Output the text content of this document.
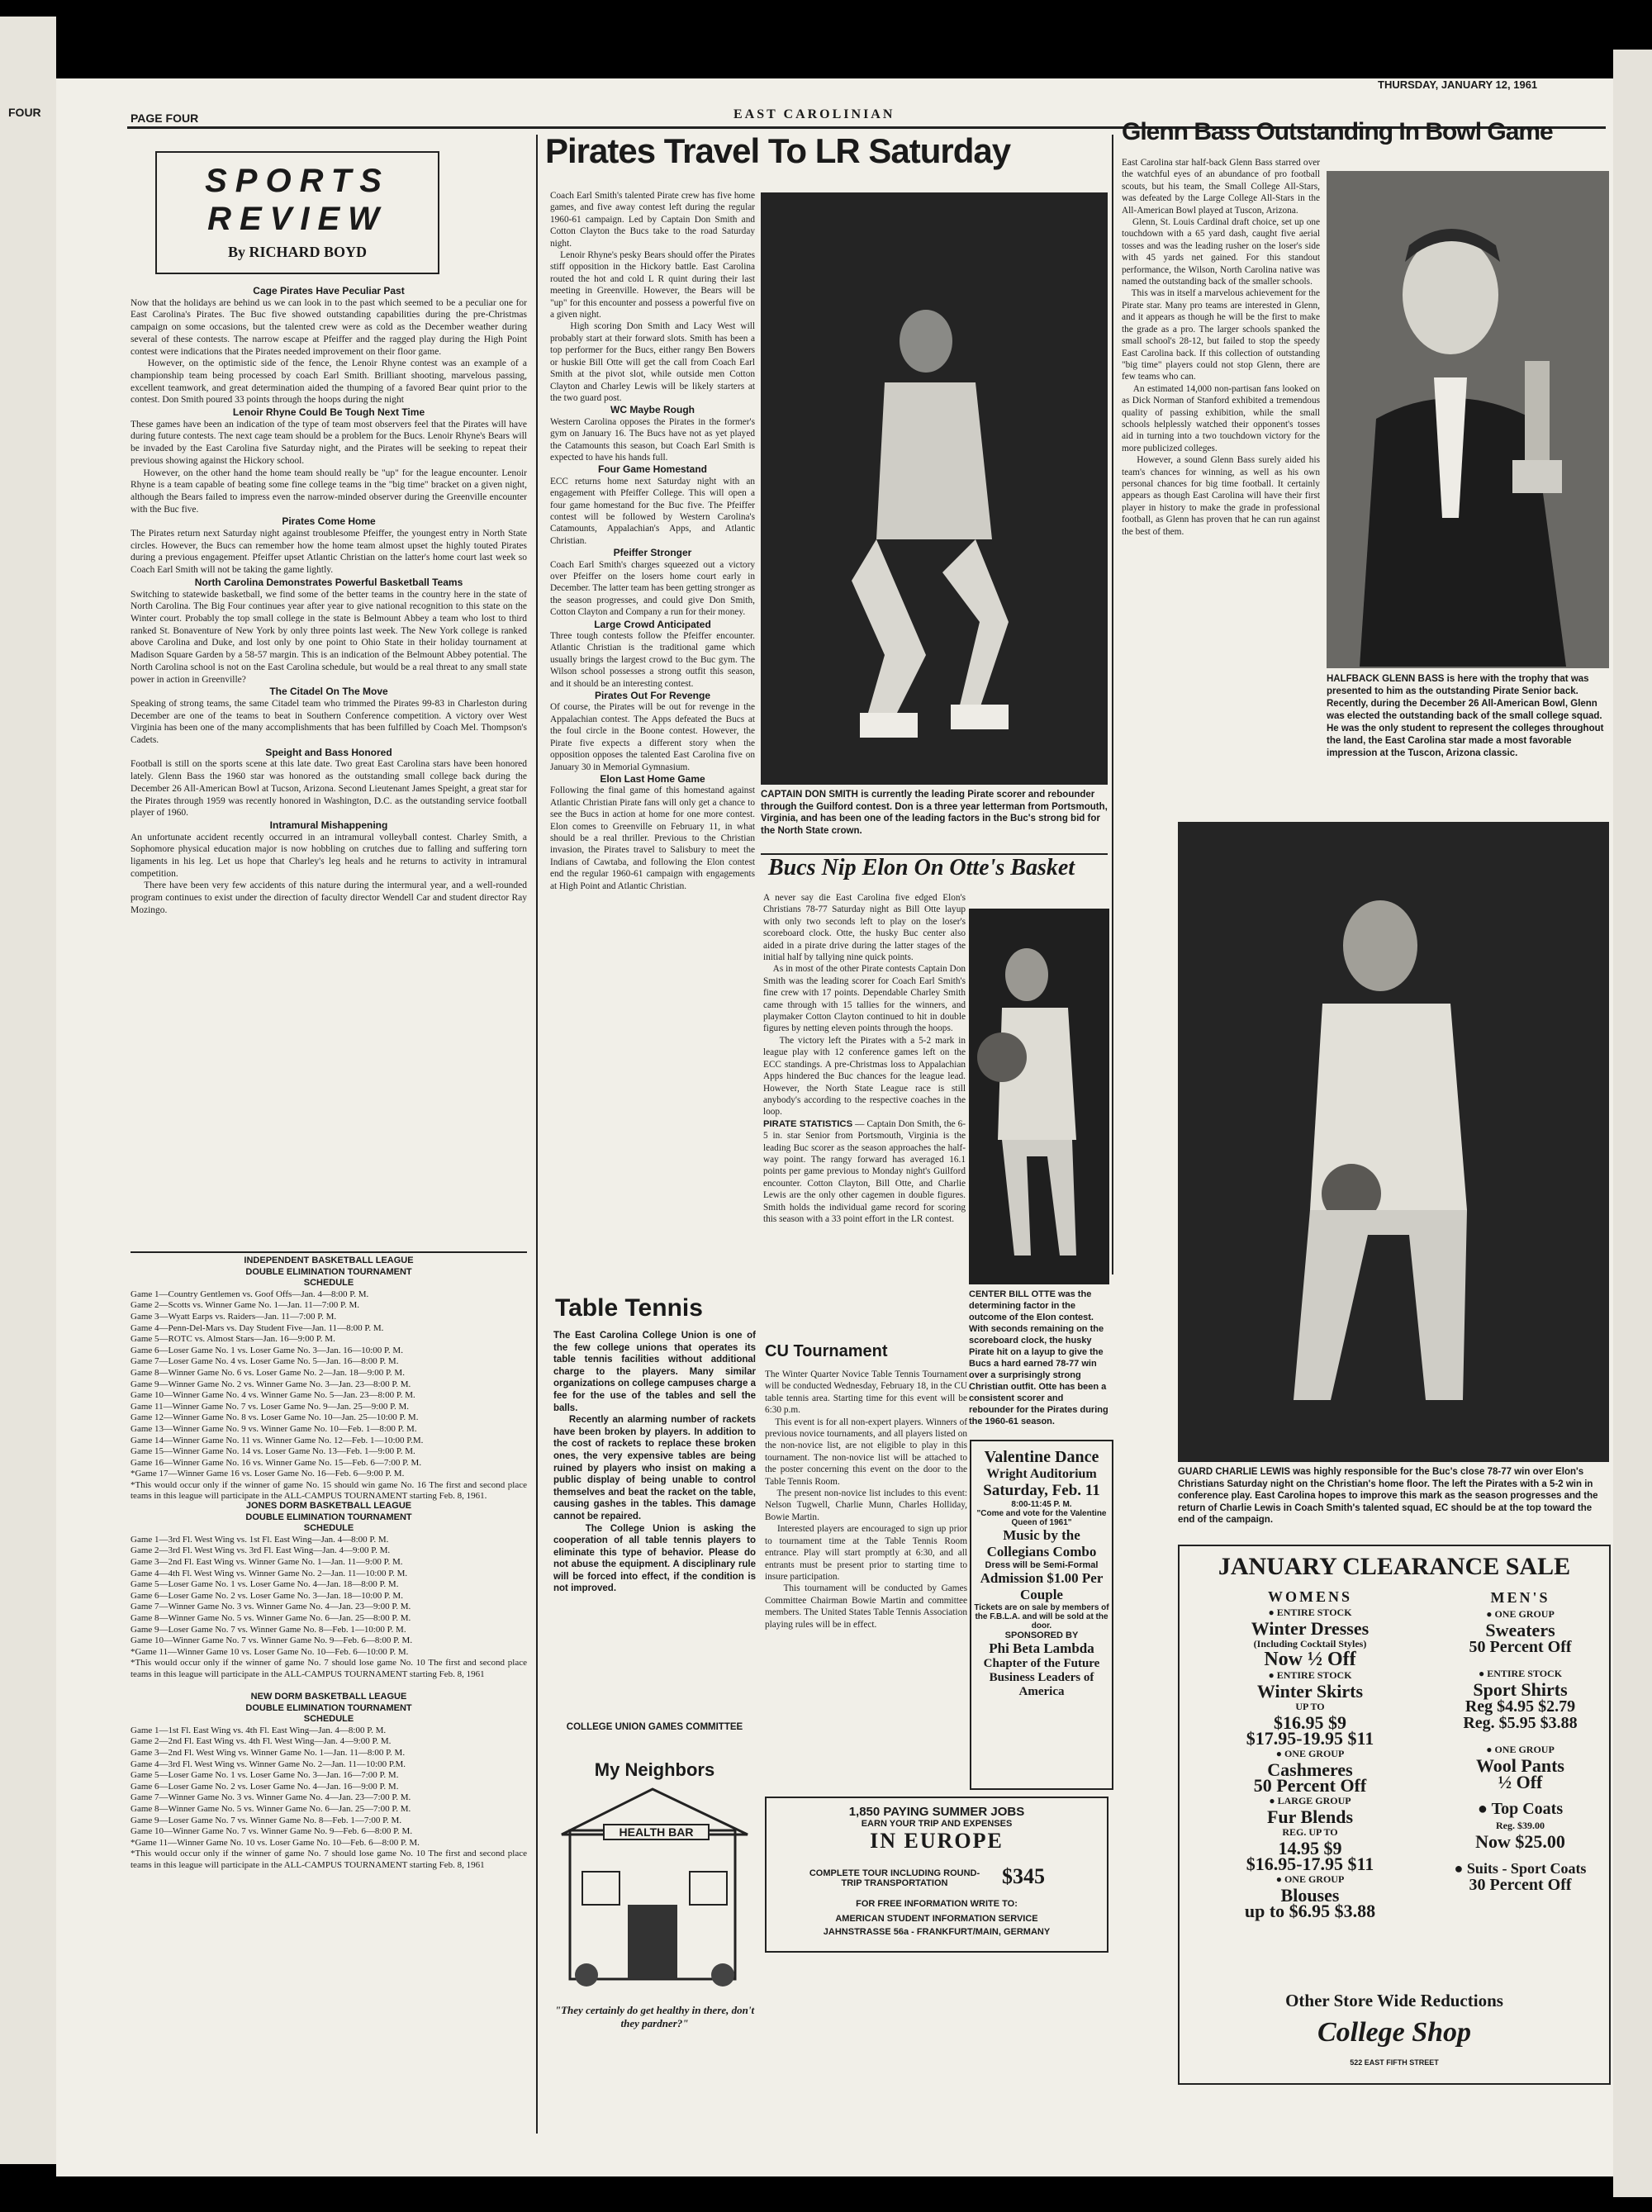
FOUR	PAGE FOUR	EAST CAROLINIAN
THURSDAY, JANUARY 12, 1961
SPORTS
REVIEW
By RICHARD BOYD
Cage Pirates Have Peculiar Past
Now that the holidays are behind us we can look in to the past which seemed to be a peculiar one for East Carolina's Pirates. The Buc five showed outstanding capabilities during the pre-Christmas campaign on some occasions, but the talented crew were as cold as the December weather during several of these contests. The narrow escape at Pfeiffer and the ragged play during the High Point contest were indications that the Pirates needed improvement on their floor game.
However, on the optimistic side of the fence, the Lenoir Rhyne contest was an example of a championship team being processed by coach Earl Smith. Brilliant shooting, marvelous passing, excellent teamwork, and great determination aided the thumping of a favored Bear quint prior to the contest. Don Smith poured 33 points through the hoops during the night

Lenoir Rhyne Could Be Tough Next Time
These games have been an indication of the type of team most observers feel that the Pirates will have during future contests. The next cage team should be a problem for the Bucs. Lenoir Rhyne's Bears will be invaded by the East Carolina five Saturday night, and the Pirates will be seeking to repeat their previous showing against the Hickory school.
However, on the other hand the home team should really be "up" for the league encounter. Lenoir Rhyne is a team capable of beating some fine college teams in the "big time" bracket on a given night, although the Bears failed to impress even the narrow-minded observer during the Greenville encounter with the Buc five.

Pirates Come Home
The Pirates return next Saturday night against troublesome Pfeiffer, the youngest entry in North State circles. However, the Bucs can remember how the home team almost upset the highly touted Pirates during a previous engagement. Pfeiffer upset Atlantic Christian on the latter's home court last week so Coach Earl Smith will not be taking the game lightly.

North Carolina Demonstrates Powerful Basketball Teams
Switching to statewide basketball, we find some of the better teams in the country here in the state of North Carolina. The Big Four continues year after year to give national recognition to this state on the Winter court. Probably the top small college in the state is Belmount Abbey a team who lost to third ranked St. Bonaventure of New York by only three points last week. The New York college is ranked above Carolina and Duke, and lost only by one point to Ohio State in their holiday tournament at Madison Square Garden by a 58-57 margin. This is an indication of the Belmount Abbey potential. The North Carolina school is not on the East Carolina schedule, but would be a real threat to any small state power in action in Greenville?

The Citadel On The Move
Speaking of strong teams, the same Citadel team who trimmed the Pirates 99-83 in Charleston during December are one of the teams to beat in Southern Conference competition. A victory over West Virginia has been one of the many accomplishments that has been fulfilled by Coach Mel. Thompson's Cadets.

Speight and Bass Honored
Football is still on the sports scene at this late date. Two great East Carolina stars have been honored lately. Glenn Bass the 1960 star was honored as the outstanding small college back during the December 26 All-American Bowl at Tucson, Arizona. Second Lieutenant James Speight, a great star for the Pirates through 1959 was recently honored in Washington, D.C. as the outstanding service football player of 1960.

Intramural Mishappening
An unfortunate accident recently occurred in an intramural volleyball contest. Charley Smith, a Sophomore physical education major is now hobbling on crutches due to falling and suffering torn ligaments in his leg. Let us hope that Charley's leg heals and he returns to activity in intramural competition.
There have been very few accidents of this nature during the intermural year, and a well-rounded program continues to exist under the direction of faculty director Wendell Car and student director Ray Mozingo.
INDEPENDENT BASKETBALL LEAGUE
DOUBLE ELIMINATION TOURNAMENT
SCHEDULE
Game 1—Country Gentlemen vs. Goof Offs—Jan. 4—8:00 P. M.
Game 2—Scotts vs. Winner Game No. 1—Jan. 11—7:00 P. M.
Game 3—Wyatt Earps vs. Raiders—Jan. 11—7:00 P. M.
Game 4—Penn-Del-Mars vs. Day Student Five—Jan. 11—8:00 P. M.
Game 5—ROTC vs. Almost Stars—Jan. 16—9:00 P. M.
Game 6—Loser Game No. 1 vs. Loser Game No. 3—Jan. 16—10:00 P. M.
Game 7—Loser Game No. 4 vs. Loser Game No. 5—Jan. 16—8:00 P. M.
Game 8—Winner Game No. 6 vs. Loser Game No. 2—Jan. 18—9:00 P. M.
Game 9—Winner Game No. 2 vs. Winner Game No. 3—Jan. 23—8:00 P. M.
Game 10—Winner Game No. 4 vs. Winner Game No. 5—Jan. 23—8:00 P. M.
Game 11—Winner Game No. 7 vs. Loser Game No. 9—Jan. 25—9:00 P. M.
Game 12—Winner Game No. 8 vs. Loser Game No. 10—Jan. 25—10:00 P. M.
Game 13—Winner Game No. 9 vs. Winner Game No. 10—Feb. 1—8:00 P. M.
Game 14—Winner Game No. 11 vs. Winner Game No. 12—Feb. 1—10:00 P.M.
Game 15—Winner Game No. 14 vs. Loser Game No. 13—Feb. 1—9:00 P. M.
Game 16—Winner Game No. 16 vs. Winner Game No. 15—Feb. 6—7:00 P. M.
*Game 17—Winner Game 16 vs. Loser Game No. 16—Feb. 6—9:00 P. M.
*This would occur only if the winner of game No. 15 should win game No. 16 The first and second place teams in this league will participate in the ALL-CAMPUS TOURNAMENT starting Feb. 8, 1961.
JONES DORM BASKETBALL LEAGUE
DOUBLE ELIMINATION TOURNAMENT
SCHEDULE
Game 1—3rd Fl. West Wing vs. 1st Fl. East Wing—Jan. 4—8:00 P. M.
Game 2—3rd Fl. West Wing vs. 3rd Fl. East Wing—Jan. 4—9:00 P. M.
Game 3—2nd Fl. East Wing vs. Winner Game No. 1—Jan. 11—9:00 P. M.
Game 4—4th Fl. West Wing vs. Winner Game No. 2—Jan. 11—10:00 P. M.
Game 5—Loser Game No. 1 vs. Loser Game No. 4—Jan. 18—8:00 P. M.
Game 6—Loser Game No. 2 vs. Loser Game No. 3—Jan. 18—10:00 P. M.
Game 7—Winner Game No. 3 vs. Winner Game No. 4—Jan. 23—9:00 P. M.
Game 8—Winner Game No. 5 vs. Winner Game No. 6—Jan. 25—8:00 P. M.
Game 9—Loser Game No. 7 vs. Winner Game No. 8—Feb. 1—10:00 P. M.
Game 10—Winner Game No. 7 vs. Winner Game No. 9—Feb. 6—8:00 P. M.
*Game 11—Winner Game 10 vs. Loser Game No. 10—Feb. 6—10:00 P. M.
*This would occur only if the winner of game No. 7 should lose game No. 10 The first and second place teams in this league will participate in the ALL-CAMPUS TOURNAMENT starting Feb. 8, 1961
NEW DORM BASKETBALL LEAGUE
DOUBLE ELIMINATION TOURNAMENT
SCHEDULE
Game 1—1st Fl. East Wing vs. 4th Fl. East Wing—Jan. 4—8:00 P. M.
Game 2—2nd Fl. East Wing vs. 4th Fl. West Wing—Jan. 4—9:00 P. M.
Game 3—2nd Fl. West Wing vs. Winner Game No. 1—Jan. 11—8:00 P. M.
Game 4—3rd Fl. West Wing vs. Winner Game No. 2—Jan. 11—10:00 P.M.
Game 5—Loser Game No. 1 vs. Loser Game No. 3—Jan. 16—7:00 P. M.
Game 6—Loser Game No. 2 vs. Loser Game No. 4—Jan. 16—9:00 P. M.
Game 7—Winner Game No. 3 vs. Winner Game No. 4—Jan. 23—7:00 P. M.
Game 8—Winner Game No. 5 vs. Winner Game No. 6—Jan. 25—7:00 P. M.
Game 9—Loser Game No. 7 vs. Winner Game No. 8—Feb. 1—7:00 P. M.
Game 10—Winner Game No. 7 vs. Winner Game No. 9—Feb. 6—8:00 P. M.
*Game 11—Winner Game No. 10 vs. Loser Game No. 10—Feb. 6—8:00 P. M.
*This would occur only if the winner of game No. 7 should lose game No. 10 The first and second place teams in this league will participate in the ALL-CAMPUS TOURNAMENT starting Feb. 8, 1961
Pirates Travel To LR Saturday
Coach Earl Smith's talented Pirate crew has five home games, and five away contest left during the regular 1960-61 campaign. Led by Captain Don Smith and Cotton Clayton the Bucs take to the road Saturday night.
Lenoir Rhyne's pesky Bears should offer the Pirates stiff opposition in the Hickory battle. East Carolina routed the hot and cold L R quint during their last meeting in Greenville. However, the Bears will be "up" for this encounter and possess a powerful five on a given night.
High scoring Don Smith and Lacy West will probably start at their forward slots. Smith has been a top performer for the Bucs, either rangy Ben Bowers or huskie Bill Otte will get the call from Coach Earl Smith at the pivot slot, while outside men Cotton Clayton and Charley Lewis will be likely starters at the two guard post.

WC Maybe Rough
Western Carolina opposes the Pirates in the former's gym on January 16. The Bucs have not as yet played the Catamounts this season, but Coach Earl Smith is expected to have his hands full.

Four Game Homestand
ECC returns home next Saturday night with an engagement with Pfeiffer College. This will open a four game homestand for the Buc five. The Pfeiffer contest will be followed by Western Carolina's Catamounts, Appalachian's Apps, and Atlantic Christian.

Pfeiffer Stronger
Coach Earl Smith's charges squeezed out a victory over Pfeiffer on the losers home court early in December. The latter team has been getting stronger as the season progresses, and could give Don Smith, Cotton Clayton and Company a run for their money.

Large Crowd Anticipated
Three tough contests follow the Pfeiffer encounter. Atlantic Christian is the traditional game which usually brings the largest crowd to the Buc gym. The Wilson school possesses a strong outfit this season, and it should be an interesting contest.

Pirates Out For Revenge
Of course, the Pirates will be out for revenge in the Appalachian contest. The Apps defeated the Bucs at the foul circle in the Boone contest. However, the Pirate five expects a different story when the opposition opposes the talented East Carolina five on January 30 in Memorial Gymnasium.

Elon Last Home Game
Following the final game of this homestand against Atlantic Christian Pirate fans will only get a chance to see the Bucs in action at home for one more contest. Elon comes to Greenville on February 11, in what should be a real thriller. Previous to the Christian invasion, the Pirates travel to Salisbury to meet the Indians of Cawtaba, and following the Elon contest end the regular 1960-61 campaign with engagements at High Point and Atlantic Christian.
CAPTAIN DON SMITH is currently the leading Pirate scorer and rebounder through the Guilford contest. Don is a three year letterman from Portsmouth, Virginia, and has been one of the leading factors in the Buc's strong bid for the North State crown.
Table Tennis
The East Carolina College Union is one of the few college unions that operates its table tennis facilities without additional charge to the players. Many similar organizations on college campuses charge a fee for the use of the tables and sell the balls.
Recently an alarming number of rackets have been broken by players. In addition to the cost of rackets to replace these broken ones, the very expensive tables are being ruined by players who insist on making a public display of being unable to control themselves and beat the racket on the table, causing gashes in the tables. This damage cannot be repaired.
The College Union is asking the cooperation of all table tennis players to eliminate this type of behavior. Please do not abuse the equipment. A disciplinary rule will be forced into effect, if the condition is not improved.
COLLEGE UNION GAMES COMMITTEE
My Neighbors
HEALTH BAR
"They certainly do get healthy in there, don't they pardner?"
Bucs Nip Elon On Otte's Basket
A never say die East Carolina five edged Elon's Christians 78-77 Saturday night as Bill Otte layup with only two seconds left to play on the loser's scoreboard clock. Otte, the husky Buc center also aided in a pirate drive during the latter stages of the initial half by tallying nine quick points.
As in most of the other Pirate contests Captain Don Smith was the leading scorer for Coach Earl Smith's fine crew with 17 points. Dependable Charley Smith came through with 15 tallies for the winners, and playmaker Cotton Clayton continued to hit in double figures by netting eleven points through the hoops.
The victory left the Pirates with a 5-2 mark in league play with 12 conference games left on the ECC standings. A pre-Christmas loss to Appalachian Apps hindered the Buc chances for the league lead. However, the North State League race is still anybody's according to the respective coaches in the loop.
PIRATE STATISTICS — Captain Don Smith, the 6-5 in. star Senior from Portsmouth, Virginia is the leading Buc scorer as the season approaches the half-way point. The rangy forward has averaged 16.1 points per game previous to Monday night's Guilford encounter. Cotton Clayton, Bill Otte, and Charlie Lewis are the only other cagemen in double figures. Smith holds the individual game record for scoring this season with a 33 point effort in the LR contest.
CENTER BILL OTTE was the determining factor in the outcome of the Elon contest. With seconds remaining on the scoreboard clock, the husky Pirate hit on a layup to give the Bucs a hard earned 78-77 win over a surprisingly strong Christian outfit. Otte has been a consistent scorer and rebounder for the Pirates during the 1960-61 season.
CU Tournament
The Winter Quarter Novice Table Tennis Tournament will be conducted Wednesday, February 18, in the CU table tennis area. Starting time for this event will be 6:30 p.m.
This event is for all non-expert players. Winners of previous novice tournaments, and all players listed on the non-novice list, are not eligible to play in this tournament. The non-novice list will be attached to the poster concerning this event on the door to the Table Tennis Room.
The present non-novice list includes to this event: Nelson Tugwell, Charlie Munn, Charles Holliday, Bowie Martin.
Interested players are encouraged to sign up prior to tournament time at the Table Tennis Room entrance. Play will start promptly at 6:30, and all entrants must be present prior to starting time to insure participation.
This tournament will be conducted by Games Committee Chairman Bowie Martin and committee members. The United States Table Tennis Association playing rules will be in effect.
Valentine Dance
Wright Auditorium
Saturday, Feb. 11
8:00-11:45 P. M.
"Come and vote for the Valentine Queen of 1961"
Music by the
Collegians Combo
Dress will be Semi-Formal
Admission $1.00 Per Couple
Tickets are on sale by members of the F.B.L.A. and will be sold at the door.
SPONSORED BY
Phi Beta Lambda
Chapter of the Future Business Leaders of America
1,850 PAYING SUMMER JOBS
EARN YOUR TRIP AND EXPENSES
IN EUROPE
COMPLETE TOUR INCLUDING ROUND-TRIP TRANSPORTATION	$345
FOR FREE INFORMATION WRITE TO:
AMERICAN STUDENT INFORMATION SERVICE
JAHNSTRASSE 56a - FRANKFURT/MAIN, GERMANY
Glenn Bass Outstanding In Bowl Game
East Carolina star half-back Glenn Bass starred over the watchful eyes of an abundance of pro football scouts, but his team, the Small College All-Stars, was defeated by the Large College All-Stars in the All-American Bowl played at Tuscon, Arizona.
Glenn, St. Louis Cardinal draft choice, set up one touchdown with a 65 yard dash, caught five aerial tosses and was the leading rusher on the loser's side with 45 yards net gained. For this standout performance, the Wilson, North Carolina native was named the outstanding back of the smaller schools.
This was in itself a marvelous achievement for the Pirate star. Many pro teams are interested in Glenn, and it appears as though he will be the first to make the grade as a pro. The larger schools spanked the small school's 28-12, but failed to stop the speedy East Carolina back. If this collection of outstanding "big time" players could not stop Glenn, there are few teams who can.
An estimated 14,000 non-partisan fans looked on as Dick Norman of Stanford exhibited a tremendous quality of passing exhibition, while the small schools helplessly watched their opponent's tosses aid in turning into a two touchdown victory for the more publicized colleges.
However, a sound Glenn Bass surely aided his team's chances for winning, as well as his own personal chances for big time football. It certainly appears as though East Carolina will have their first player in history to make the grade in professional football, as Glenn has proven that he can run against the best of them.
HALFBACK GLENN BASS is here with the trophy that was presented to him as the outstanding Pirate Senior back. Recently, during the December 26 All-American Bowl, Glenn was elected the outstanding back of the small college squad. He was the only student to represent the colleges throughout the land, the East Carolina star made a most favorable impression at the Tuscon, Arizona classic.
GUARD CHARLIE LEWIS was highly responsible for the Buc's close 78-77 win over Elon's Christians Saturday night on the Christian's home floor. The left the Pirates with a 5-2 win in conference play. East Carolina hopes to improve this mark as the season progresses and the return of Charlie Lewis in Coach Smith's talented squad, EC should be at the top toward the end of the campaign.
JANUARY CLEARANCE SALE
WOMENS
● ENTIRE STOCK
Winter Dresses
(Including Cocktail Styles)
Now ½ Off
● ENTIRE STOCK
Winter Skirts
UP TO
$16.95 $9
$17.95-19.95 $11
● ONE GROUP
Cashmeres
50 Percent Off
● LARGE GROUP
Fur Blends
REG. UP TO
14.95 $9
$16.95-17.95 $11
● ONE GROUP
Blouses
up to $6.95 $3.88
MEN'S
● ONE GROUP
Sweaters
50 Percent Off
● ENTIRE STOCK
Sport Shirts
Reg $4.95 $2.79
Reg. $5.95 $3.88
● ONE GROUP
Wool Pants
½ Off
● Top Coats
Reg. $39.00
Now $25.00
● Suits - Sport Coats
30 Percent Off
Other Store Wide Reductions
College Shop
522 EAST FIFTH STREET
